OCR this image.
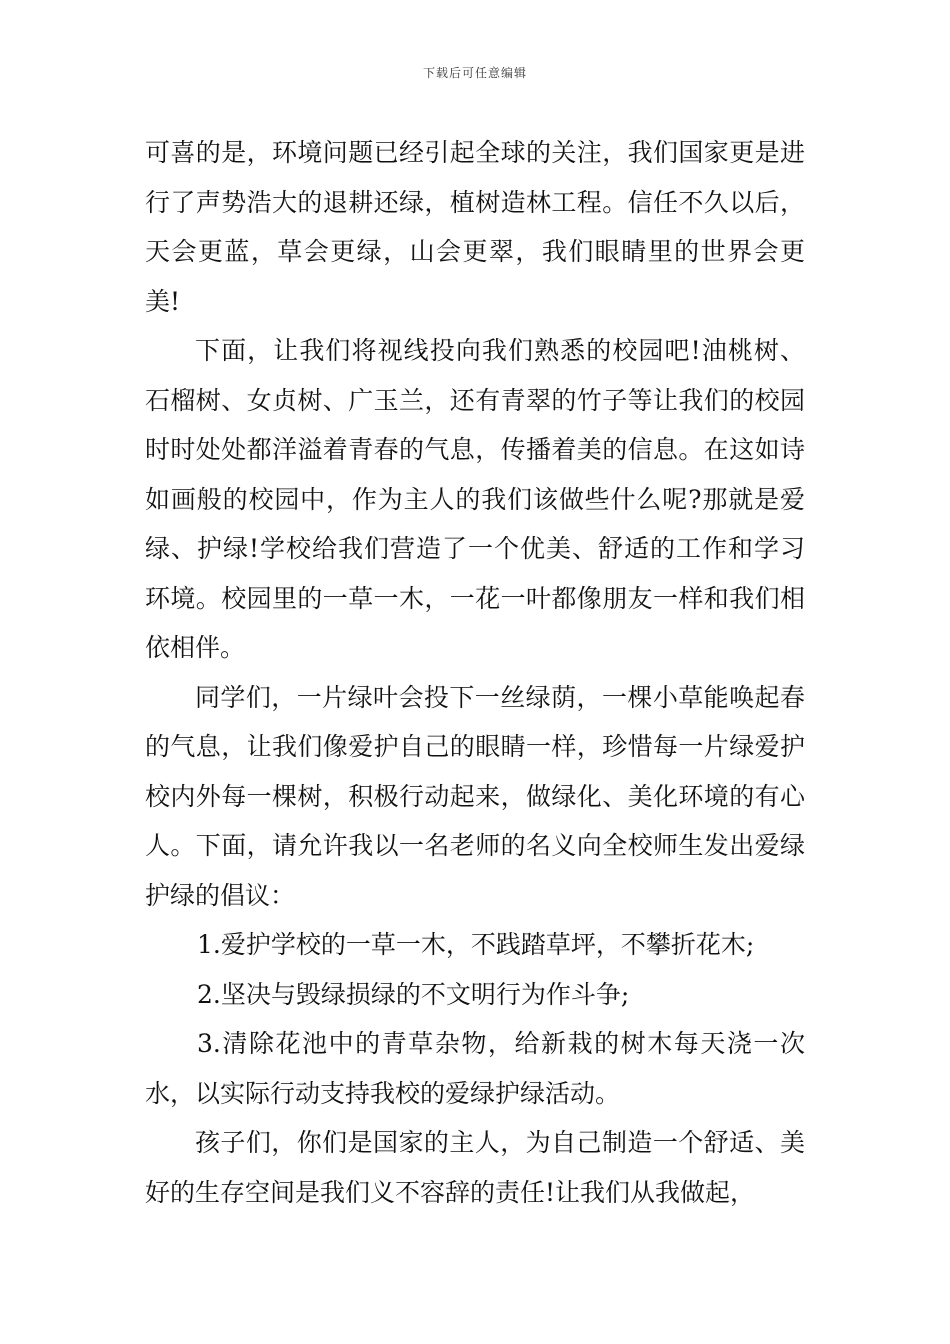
下载后可任意编辑

可喜的是，环境问题已经引起全球的关注，我们国家更是进行了声势浩大的退耕还绿，植树造林工程。信任不久以后，天会更蓝，草会更绿，山会更翠，我们眼睛里的世界会更美!

下面，让我们将视线投向我们熟悉的校园吧!油桃树、石榴树、女贞树、广玉兰，还有青翠的竹子等让我们的校园时时处处都洋溢着青春的气息，传播着美的信息。在这如诗如画般的校园中，作为主人的我们该做些什么呢?那就是爱绿、护绿!学校给我们营造了一个优美、舒适的工作和学习环境。校园里的一草一木，一花一叶都像朋友一样和我们相依相伴。

同学们，一片绿叶会投下一丝绿荫，一棵小草能唤起春的气息，让我们像爱护自己的眼睛一样，珍惜每一片绿爱护校内外每一棵树，积极行动起来，做绿化、美化环境的有心人。下面，请允许我以一名老师的名义向全校师生发出爱绿护绿的倡议：

1.爱护学校的一草一木，不践踏草坪，不攀折花木;

2.坚决与毁绿损绿的不文明行为作斗争;

3.清除花池中的青草杂物，给新栽的树木每天浇一次水，以实际行动支持我校的爱绿护绿活动。

孩子们，你们是国家的主人，为自己制造一个舒适、美好的生存空间是我们义不容辞的责任!让我们从我做起，
